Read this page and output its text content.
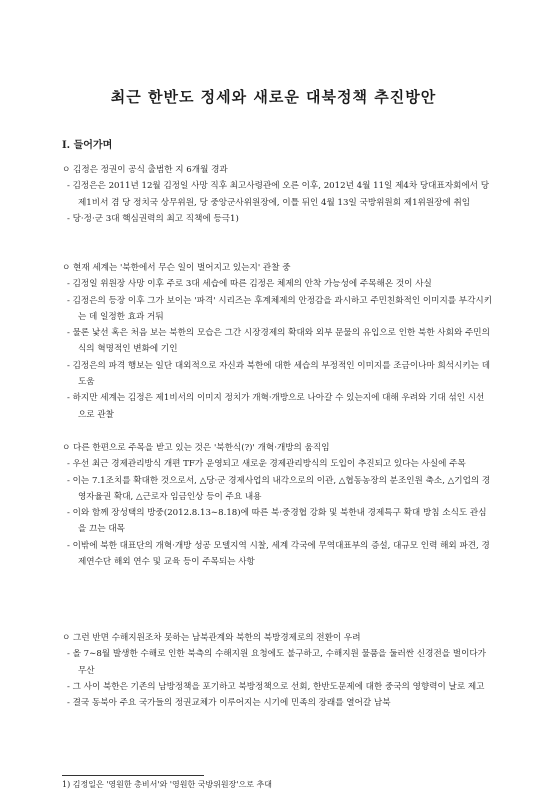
최근 한반도 정세와 새로운 대북정책 추진방안
Ⅰ. 들어가며
ㅇ 김정은 정권이 공식 출범한 지 6개월 경과
- 김정은은 2011년 12월 김정일 사망 직후 최고사령관에 오른 이후, 2012년 4월 11일 제4차 당대표자회에서 당 제1비서 겸 당 정치국 상무위원, 당 중앙군사위원장에, 이틀 뒤인 4월 13일 국방위원회 제1위원장에 취임
- 당·정·군 3대 핵심권력의 최고 직책에 등극1)
ㅇ 현재 세계는 '북한에서 무슨 일이 벌어지고 있는지' 관찰 중
- 김정일 위원장 사망 이후 주로 3대 세습에 따른 김정은 체제의 안착 가능성에 주목해온 것이 사실
- 김정은의 등장 이후 그가 보이는 '파격' 시리즈는 후계체제의 안정감을 과시하고 주민친화적인 이미지를 부각시키는 데 일정한 효과 거둬
- 물론 낯선 혹은 처음 보는 북한의 모습은 그간 시장경제의 확대와 외부 문물의 유입으로 인한 북한 사회와 주민의식의 혁명적인 변화에 기인
- 김정은의 파격 행보는 일단 대외적으로 자신과 북한에 대한 세습의 부정적인 이미지를 조금이나마 희석시키는 데 도움
- 하지만 세계는 김정은 제1비서의 이미지 정치가 개혁·개방으로 나아갈 수 있는지에 대해 우려와 기대 섞인 시선으로 관찰
ㅇ 다른 한편으로 주목을 받고 있는 것은 '북한식(?)' 개혁·개방의 움직임
- 우선 최근 경제관리방식 개편 TF가 운영되고 새로운 경제관리방식의 도입이 추진되고 있다는 사실에 주목
- 이는 7.1조치를 확대한 것으로서, △당·군 경제사업의 내각으로의 이관, △협동농장의 분조인원 축소, △기업의 경영자율권 확대, △근로자 임금인상 등이 주요 내용
- 이와 함께 장성택의 방중(2012.8.13∼8.18)에 따른 북·중경협 강화 및 북한내 경제특구 확대 방침 소식도 관심을 끄는 대목
- 이밖에 북한 대표단의 개혁·개방 성공 모델지역 시찰, 세계 각국에 무역대표부의 증설, 대규모 인력 해외 파견, 경제연수단 해외 연수 및 교육 등이 주목되는 사항
ㅇ 그런 반면 수해지원조차 못하는 남북관계와 북한의 북방경제로의 전환이 우려
- 올 7∼8월 발생한 수해로 인한 북측의 수해지원 요청에도 불구하고, 수해지원 물품을 둘러싼 신경전을 벌이다가 무산
- 그 사이 북한은 기존의 남방정책을 포기하고 북방정책으로 선회, 한반도문제에 대한 중국의 영향력이 날로 제고
- 결국 동북아 주요 국가들의 정권교체가 이루어지는 시기에 민족의 장래를 열어갈 남북
1) 김정일은 '영원한 총비서'와 '영원한 국방위원장'으로 추대
